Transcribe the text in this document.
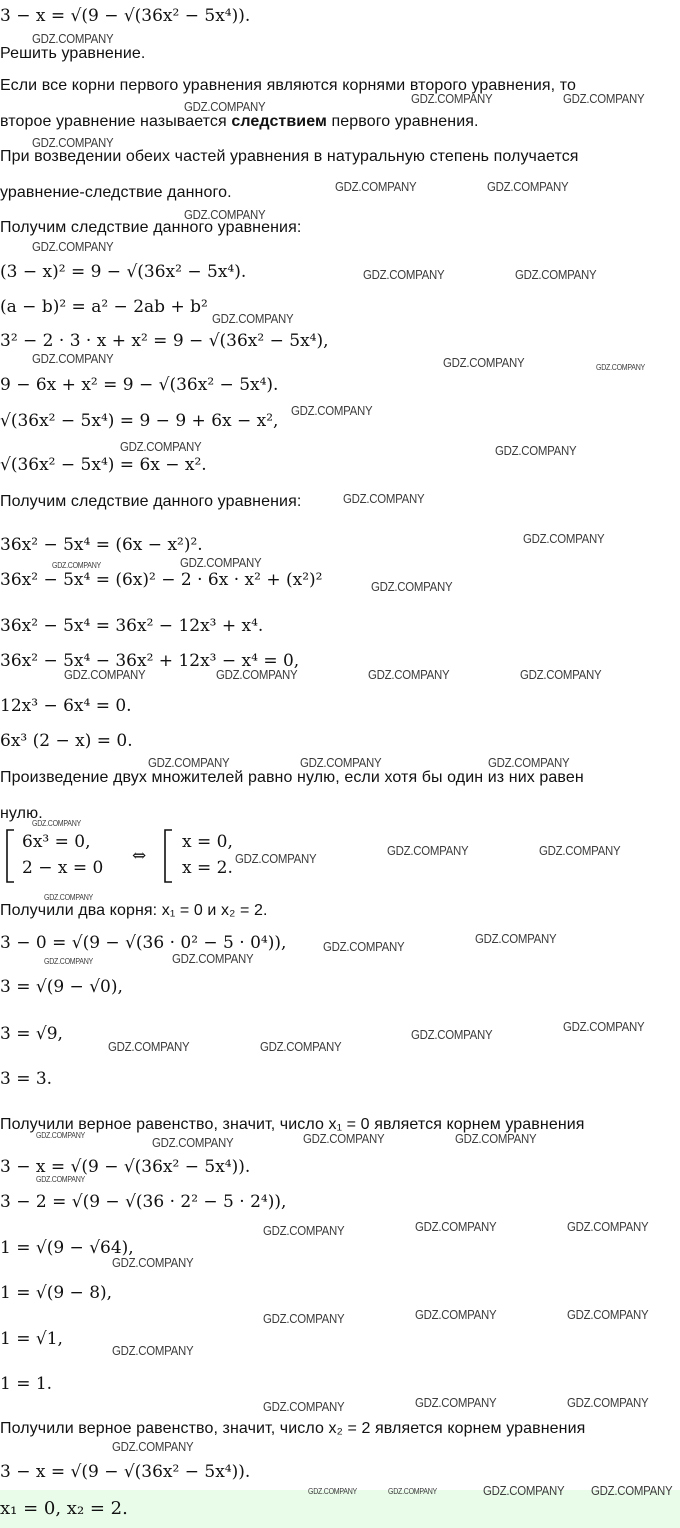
3 − x = √(9 − √(36x² − 5x⁴)).
Решить уравнение.
Если все корни первого уравнения являются корнями второго уравнения, то
второе уравнение называется следствием первого уравнения.
При возведении обеих частей уравнения в натуральную степень получается
уравнение-следствие данного.
Получим следствие данного уравнения:
(3 − x)² = 9 − √(36x² − 5x⁴).
(a − b)² = a² − 2ab + b²
3² − 2 · 3 · x + x² = 9 − √(36x² − 5x⁴),
9 − 6x + x² = 9 − √(36x² − 5x⁴).
√(36x² − 5x⁴) = 9 − 9 + 6x − x²,
√(36x² − 5x⁴) = 6x − x².
Получим следствие данного уравнения:
36x² − 5x⁴ = (6x − x²)².
36x² − 5x⁴ = (6x)² − 2 · 6x · x² + (x²)²
36x² − 5x⁴ = 36x² − 12x³ + x⁴.
36x² − 5x⁴ − 36x² + 12x³ − x⁴ = 0,
12x³ − 6x⁴ = 0.
6x³ (2 − x) = 0.
Произведение двух множителей равно нулю, если хотя бы один из них равен
нулю.
6x³ = 0,
2 − x = 0
⇔
x = 0,
x = 2.
Получили два корня: x₁ = 0 и x₂ = 2.
3 − 0 = √(9 − √(36 · 0² − 5 · 0⁴)),
3 = √(9 − √0),
3 = √9,
3 = 3.
Получили верное равенство, значит, число x₁ = 0 является корнем уравнения
3 − x = √(9 − √(36x² − 5x⁴)).
3 − 2 = √(9 − √(36 · 2² − 5 · 2⁴)),
1 = √(9 − √64),
1 = √(9 − 8),
1 = √1,
1 = 1.
Получили верное равенство, значит, число x₂ = 2 является корнем уравнения
3 − x = √(9 − √(36x² − 5x⁴)).
x₁ = 0, x₂ = 2.
GDZ.COMPANY
GDZ.COMPANY
GDZ.COMPANY	GDZ.COMPANY
GDZ.COMPANY
GDZ.COMPANY	GDZ.COMPANY
GDZ.COMPANY
GDZ.COMPANY
GDZ.COMPANY	GDZ.COMPANY
GDZ.COMPANY
GDZ.COMPANY	GDZ.COMPANY	GDZ.COMPANY
GDZ.COMPANY
GDZ.COMPANY	GDZ.COMPANY
GDZ.COMPANY
GDZ.COMPANY
GDZ.COMPANY	GDZ.COMPANY
GDZ.COMPANY
GDZ.COMPANY	GDZ.COMPANY	GDZ.COMPANY	GDZ.COMPANY
GDZ.COMPANY	GDZ.COMPANY	GDZ.COMPANY
GDZ.COMPANY
GDZ.COMPANY
GDZ.COMPANY	GDZ.COMPANY
GDZ.COMPANY
GDZ.COMPANY
GDZ.COMPANY
GDZ.COMPANY	GDZ.COMPANY
GDZ.COMPANY
GDZ.COMPANY
GDZ.COMPANY	GDZ.COMPANY
GDZ.COMPANY	GDZ.COMPANY	GDZ.COMPANY	GDZ.COMPANY
GDZ.COMPANY
GDZ.COMPANY	GDZ.COMPANY	GDZ.COMPANY
GDZ.COMPANY
GDZ.COMPANY	GDZ.COMPANY	GDZ.COMPANY
GDZ.COMPANY
GDZ.COMPANY	GDZ.COMPANY	GDZ.COMPANY
GDZ.COMPANY
GDZ.COMPANY	GDZ.COMPANY	GDZ.COMPANY GDZ.COMPANY
